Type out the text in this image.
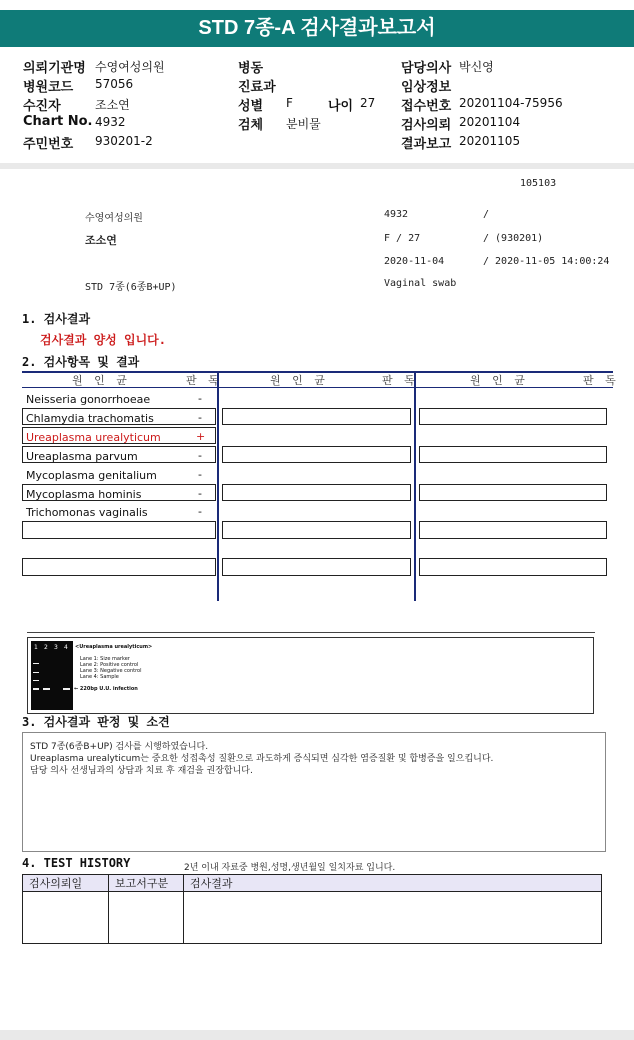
STD 7종-A 검사결과보고서
의뢰기관명 수영여성의원
병원코드 57056
수진자	조소연
Chart No. 4932
주민번호 930201-2
병동
진료과
성별 F	나이 27
검체 분비물
담당의사 박신영
임상정보
접수번호 20201104-75956
검사의뢰 20201104
결과보고 20201105
105103
수영여성의원	4932	/
조소연	F / 27	/ (930201)
2020-11-04	/ 2020-11-05 14:00:24
STD 7종(6종B+UP)	Vaginal swab
1. 검사결과
검사결과 양성 입니다.
2. 검사항목 및 결과
원 인 균	판 독	원 인 균	판 독	원 인 균	판 독
Neisseria gonorrhoeae	-
Chlamydia trachomatis	-
Ureaplasma urealyticum	+
Ureaplasma parvum	-
Mycoplasma genitalium	-
Mycoplasma hominis	-
Trichomonas vaginalis	-
1 2 3 4 <Ureaplasma urealyticum>
Lane 1: Size marker
Lane 2: Positive control
Lane 3: Negative control
Lane 4: Sample
← 220bp U.U. infection
3. 검사결과 판정 및 소견
STD 7종(6종B+UP) 검사를 시행하였습니다.
Ureaplasma urealyticum는 중요한 성접촉성 질환으로 과도하게 증식되면 심각한 염증질환 및 합병증을 일으킵니다.
담당 의사 선생님과의 상담과 치료 후 재검을 권장합니다.
4. TEST HISTORY	2년 이내 자료중 병원,성명,생년월일 일치자료 입니다.
검사의뢰일	보고서구분	검사결과
